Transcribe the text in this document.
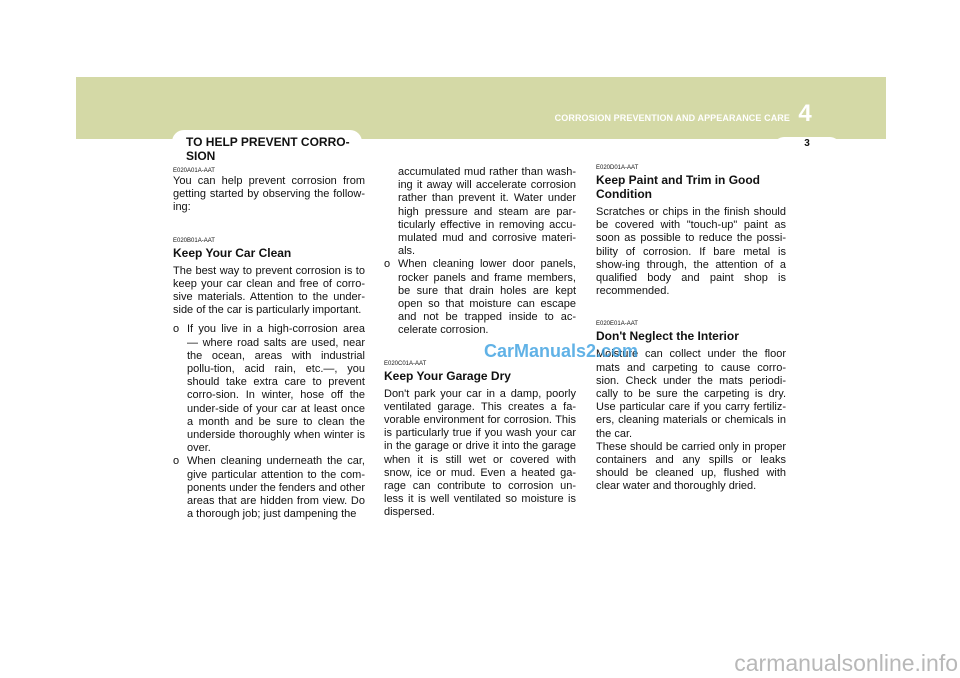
CORROSION PREVENTION AND APPEARANCE CARE 4
3
TO HELP PREVENT CORRO-SION
E020A01A-AAT

You can help prevent corrosion from getting started by observing the follow-ing:

E020B01A-AAT
Keep Your Car Clean

The best way to prevent corrosion is to keep your car clean and free of corro-sive materials. Attention to the under-side of the car is particularly important.

o If you live in a high-corrosion area — where road salts are used, near the ocean, areas with industrial pollu-tion, acid rain, etc.—, you should take extra care to prevent corro-sion. In winter, hose off the under-side of your car at least once a month and be sure to clean the underside thoroughly when winter is over.
o When cleaning underneath the car, give particular attention to the com-ponents under the fenders and other areas that are hidden from view. Do a thorough job; just dampening the

accumulated mud rather than wash-ing it away will accelerate corrosion rather than prevent it. Water under high pressure and steam are par-ticularly effective in removing accu-mulated mud and corrosive materi-als.

o When cleaning lower door panels, rocker panels and frame members, be sure that drain holes are kept open so that moisture can escape and not be trapped inside to ac-celerate corrosion.
E020C01A-AAT
Keep Your Garage Dry

Don't park your car in a damp, poorly ventilated garage. This creates a fa-vorable environment for corrosion. This is particularly true if you wash your car in the garage or drive it into the garage when it is still wet or covered with snow, ice or mud. Even a heated ga-rage can contribute to corrosion un-less it is well ventilated so moisture is dispersed.

E020D01A-AAT
Keep Paint and Trim in Good Condition

Scratches or chips in the finish should be covered with "touch-up" paint as soon as possible to reduce the possi-bility of corrosion. If bare metal is show-ing through, the attention of a qualified body and paint shop is recommended.

E020E01A-AAT
Don't Neglect the Interior

Moisture can collect under the floor mats and carpeting to cause corro-sion. Check under the mats periodi-cally to be sure the carpeting is dry. Use particular care if you carry fertiliz-ers, cleaning materials or chemicals in the car.

These should be carried only in proper containers and any spills or leaks should be cleaned up, flushed with clear water and thoroughly dried.

CarManuals2.com
carmanualsonline.info
